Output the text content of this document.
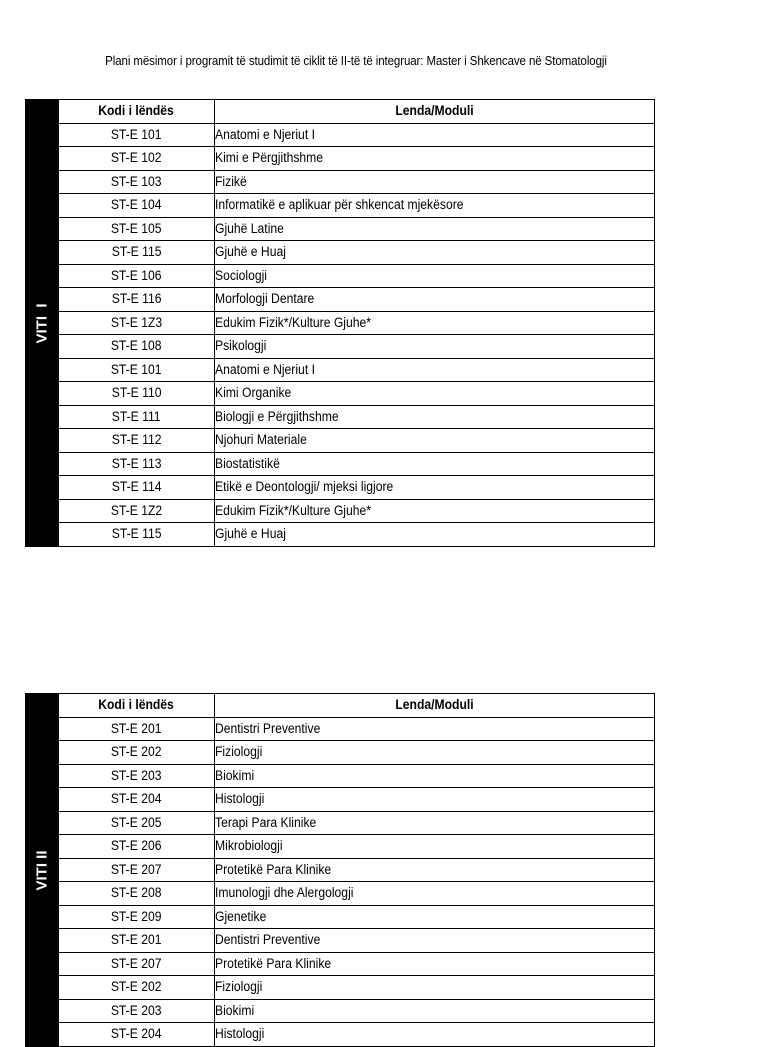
Plani mësimor i programit të studimit të ciklit të II-të të integruar: Master i Shkencave në Stomatologji
VITI  I
Kodi i lëndës	Lenda/Moduli
ST-E 101	Anatomi e Njeriut I
ST-E 102	Kimi e Përgjithshme
ST-E 103	Fizikë
ST-E 104	Informatikë e aplikuar për shkencat mjekësore
ST-E 105	Gjuhë Latine
ST-E 115	Gjuhë e Huaj
ST-E 106	Sociologji
ST-E 116	Morfologji Dentare
ST-E 1Z3	Edukim Fizik*/Kulture Gjuhe*
ST-E 108	Psikologji
ST-E 101	Anatomi e Njeriut I
ST-E 110	Kimi Organike
ST-E 111	Biologji e Përgjithshme
ST-E 112	Njohuri Materiale
ST-E 113	Biostatistikë
ST-E 114	Etikë e Deontologji/ mjeksi ligjore
ST-E 1Z2	Edukim Fizik*/Kulture Gjuhe*
ST-E 115	Gjuhë e Huaj
VITI II
Kodi i lëndës	Lenda/Moduli
ST-E 201	Dentistri Preventive
ST-E 202	Fiziologji
ST-E 203	Biokimi
ST-E 204	Histologji
ST-E 205	Terapi Para Klinike
ST-E 206	Mikrobiologji
ST-E 207	Protetikë Para Klinike
ST-E 208	Imunologji dhe Alergologji
ST-E 209	Gjenetike
ST-E 201	Dentistri Preventive
ST-E 207	Protetikë Para Klinike
ST-E 202	Fiziologji
ST-E 203	Biokimi
ST-E 204	Histologji
